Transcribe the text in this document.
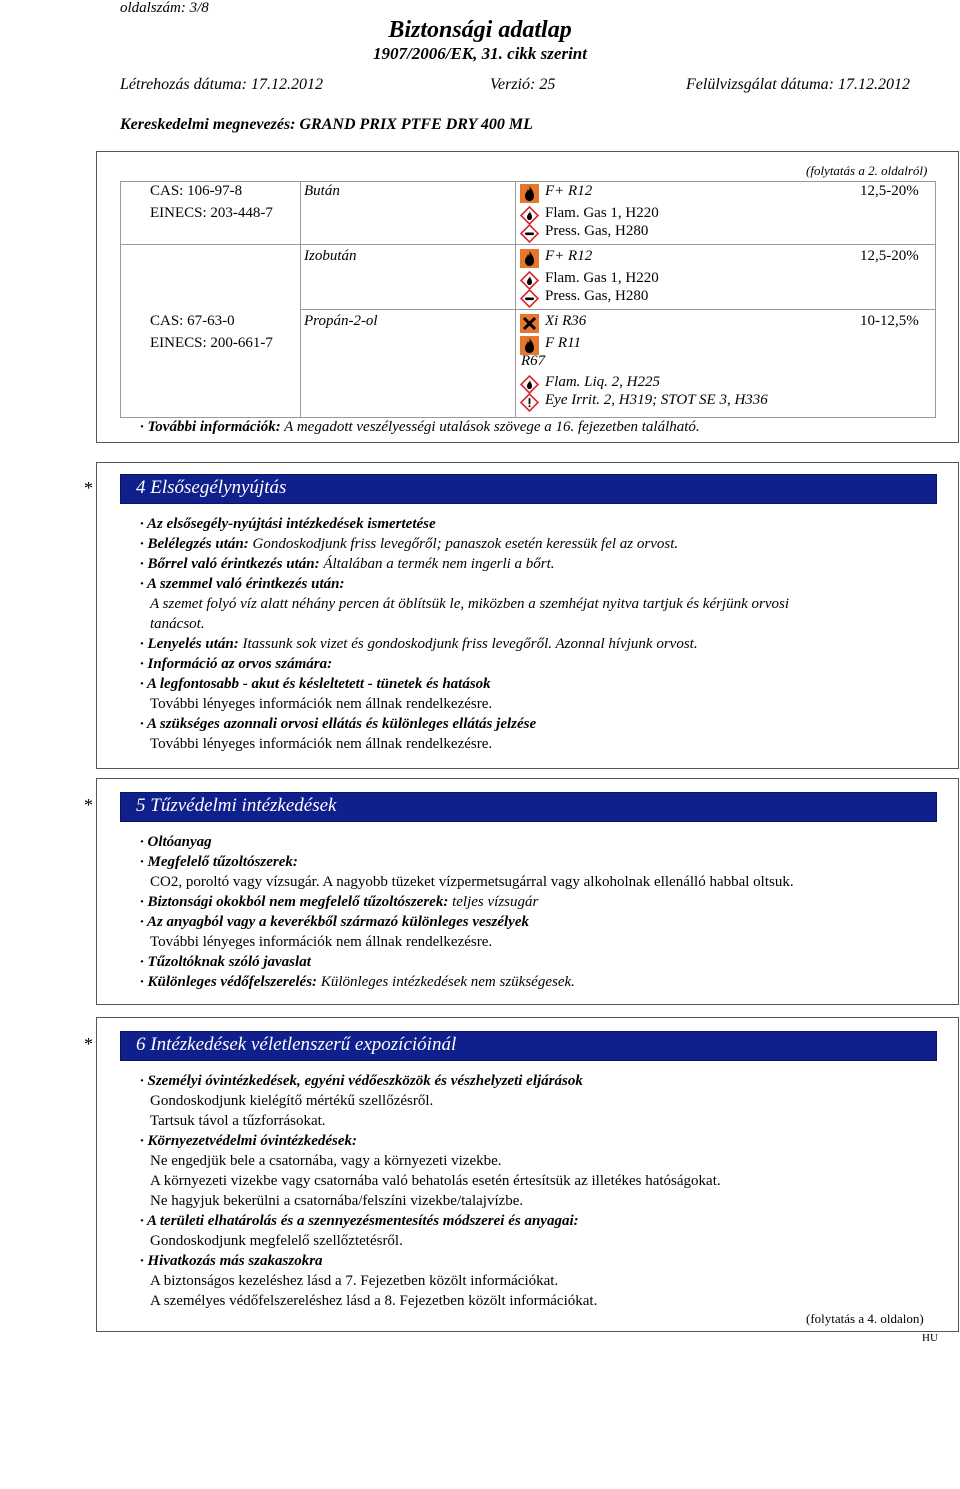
oldalszám: 3/8
Biztonsági adatlap
1907/2006/EK, 31. cikk szerint
Létrehozás dátuma: 17.12.2012	Verzió: 25	Felülvizsgálat dátuma: 17.12.2012
Kereskedelmi megnevezés: GRAND PRIX PTFE DRY 400 ML
(folytatás a 2. oldalról)
CAS: 106-97-8
EINECS: 203-448-7
Bután	F+ R12	12,5-20%
Flam. Gas 1, H220
Press. Gas, H280
Izobután	F+ R12	12,5-20%
Flam. Gas 1, H220
Press. Gas, H280
CAS: 67-63-0
EINECS: 200-661-7
Propán-2-ol	Xi R36	10-12,5%
F R11
R67
Flam. Liq. 2, H225
Eye Irrit. 2, H319; STOT SE 3, H336
· További információk: A megadott veszélyességi utalások szövege a 16. fejezetben található.
* 4 Elsősegélynyújtás
· Az elsősegély-nyújtási intézkedések ismertetése
· Belélegzés után: Gondoskodjunk friss levegőről; panaszok esetén keressük fel az orvost.
· Bőrrel való érintkezés után: Általában a termék nem ingerli a bőrt.
· A szemmel való érintkezés után:
A szemet folyó víz alatt néhány percen át öblítsük le, miközben a szemhéjat nyitva tartjuk és kérjünk orvosi
tanácsot.
· Lenyelés után: Itassunk sok vizet és gondoskodjunk friss levegőről. Azonnal hívjunk orvost.
· Információ az orvos számára:
· A legfontosabb - akut és késleltetett - tünetek és hatások
További lényeges információk nem állnak rendelkezésre.
· A szükséges azonnali orvosi ellátás és különleges ellátás jelzése
További lényeges információk nem állnak rendelkezésre.
* 5 Tűzvédelmi intézkedések
· Oltóanyag
· Megfelelő tűzoltószerek:
CO2, poroltó vagy vízsugár. A nagyobb tüzeket vízpermetsugárral vagy alkoholnak ellenálló habbal oltsuk.
· Biztonsági okokból nem megfelelő tűzoltószerek: teljes vízsugár
· Az anyagból vagy a keverékből származó különleges veszélyek
További lényeges információk nem állnak rendelkezésre.
· Tűzoltóknak szóló javaslat
· Különleges védőfelszerelés: Különleges intézkedések nem szükségesek.
* 6 Intézkedések véletlenszerű expozícióinál
· Személyi óvintézkedések, egyéni védőeszközök és vészhelyzeti eljárások
Gondoskodjunk kielégítő mértékű szellőzésről.
Tartsuk távol a tűzforrásokat.
· Környezetvédelmi óvintézkedések:
Ne engedjük bele a csatornába, vagy a környezeti vizekbe.
A környezeti vizekbe vagy csatornába való behatolás esetén értesítsük az illetékes hatóságokat.
Ne hagyjuk bekerülni a csatornába/felszíni vizekbe/talajvízbe.
· A területi elhatárolás és a szennyezésmentesítés módszerei és anyagai:
Gondoskodjunk megfelelő szellőztetésről.
· Hivatkozás más szakaszokra
A biztonságos kezeléshez lásd a 7. Fejezetben közölt információkat.
A személyes védőfelszereléshez lásd a 8. Fejezetben közölt információkat.
(folytatás a 4. oldalon)
HU
